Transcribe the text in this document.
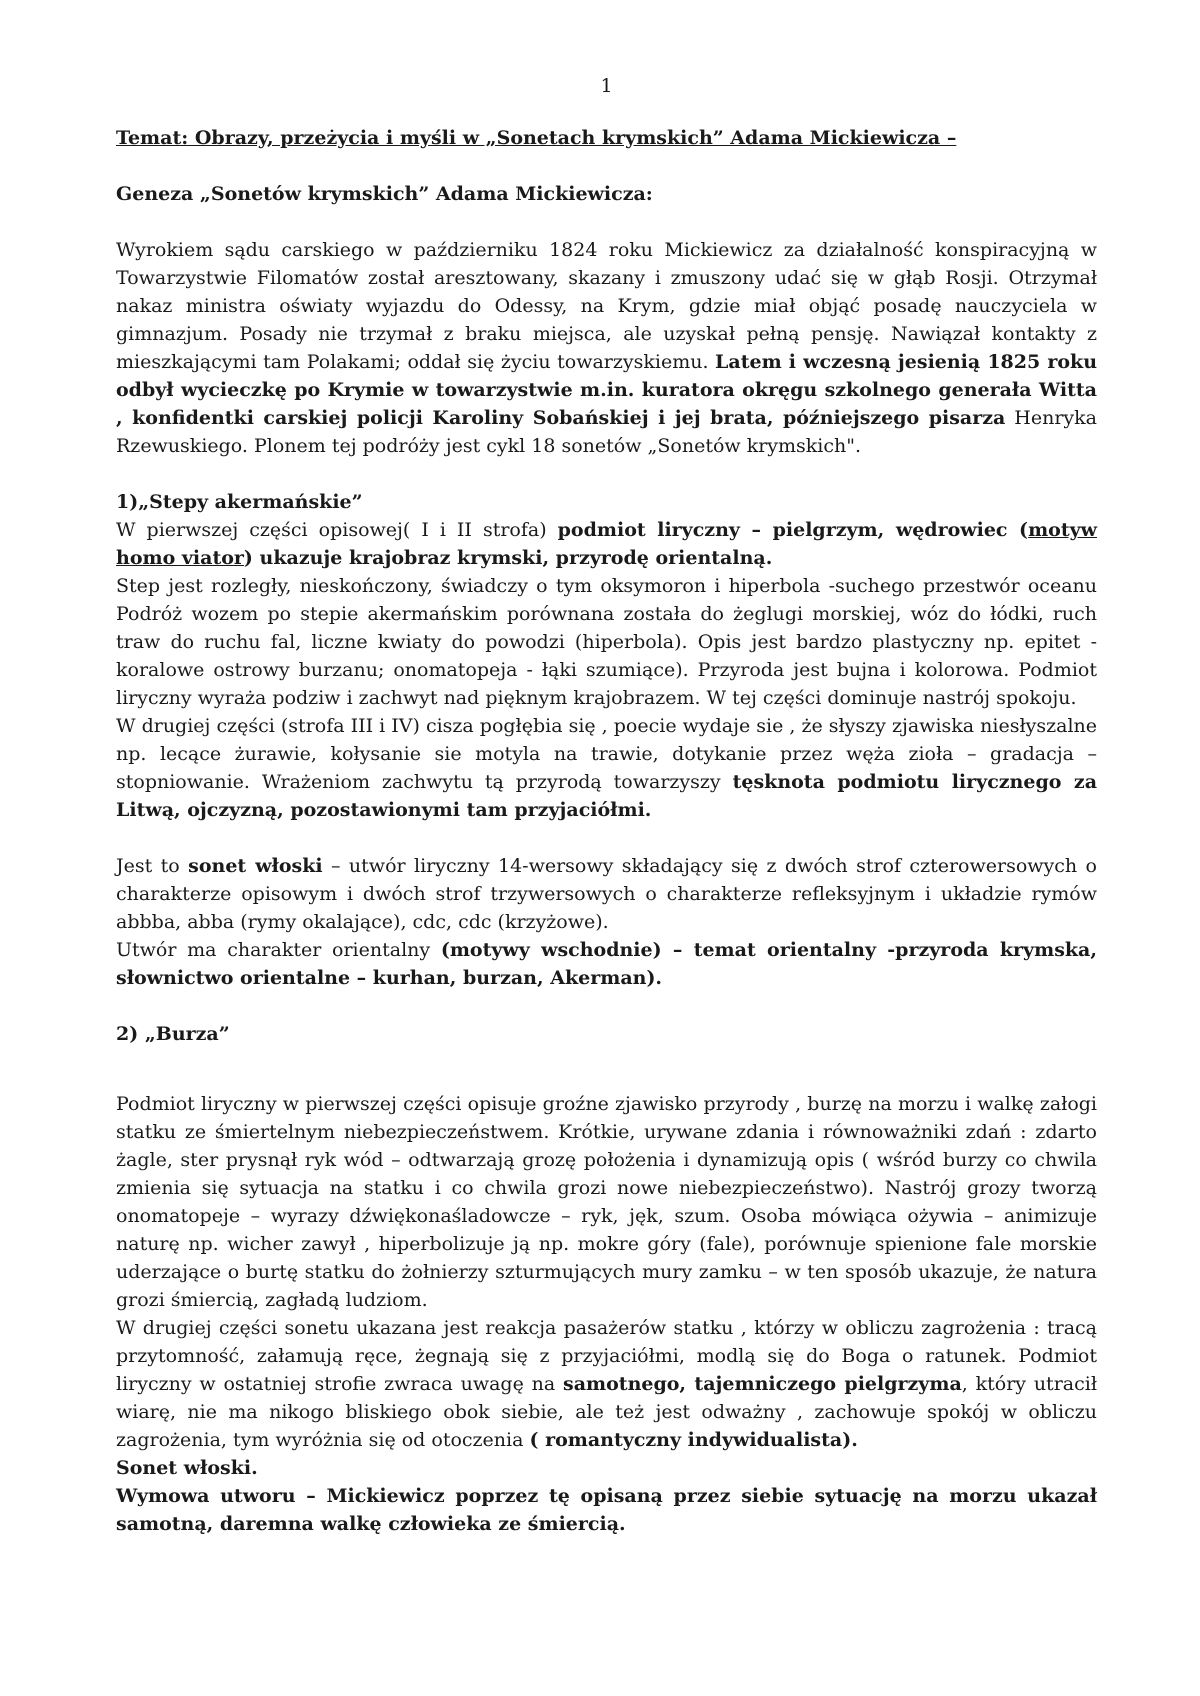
1
Temat: Obrazy, przeżycia i myśli w „Sonetach krymskich” Adama Mickiewicza –
Geneza „Sonetów krymskich” Adama Mickiewicza:

Wyrokiem sądu carskiego w październiku 1824 roku Mickiewicz za działalność konspiracyjną w Towarzystwie Filomatów został aresztowany, skazany i zmuszony udać się w głąb Rosji. Otrzymał nakaz ministra oświaty wyjazdu do Odessy, na Krym, gdzie miał objąć posadę nauczyciela w gimnazjum. Posady nie trzymał z braku miejsca, ale uzyskał pełną pensję. Nawiązał kontakty z mieszkającymi tam Polakami; oddał się życiu towarzyskiemu. Latem i wczesną jesienią 1825 roku odbył wycieczkę po Krymie w towarzystwie m.in. kuratora okręgu szkolnego generała Witta , konfidentki carskiej policji Karoliny Sobańskiej i jej brata, późniejszego pisarza Henryka Rzewuskiego. Plonem tej podróży jest cykl 18 sonetów „Sonetów krymskich".

1)„Stepy akermańskie”

W pierwszej części opisowej( I i II strofa) podmiot liryczny – pielgrzym, wędrowiec (motyw homo viator) ukazuje krajobraz krymski, przyrodę orientalną.

Step jest rozległy, nieskończony, świadczy o tym oksymoron i hiperbola -suchego przestwór oceanu Podróż wozem po stepie akermańskim porównana została do żeglugi morskiej, wóz do łódki, ruch traw do ruchu fal, liczne kwiaty do powodzi (hiperbola). Opis jest bardzo plastyczny np. epitet - koralowe ostrowy burzanu; onomatopeja - łąki szumiące). Przyroda jest bujna i kolorowa. Podmiot liryczny wyraża podziw i zachwyt nad pięknym krajobrazem. W tej części dominuje nastrój spokoju.

W drugiej części (strofa III i IV) cisza pogłębia się , poecie wydaje sie , że słyszy zjawiska niesłyszalne np. lecące żurawie, kołysanie sie motyla na trawie, dotykanie przez węża zioła – gradacja – stopniowanie. Wrażeniom zachwytu tą przyrodą towarzyszy tęsknota podmiotu lirycznego za Litwą, ojczyzną, pozostawionymi tam przyjaciółmi.

Jest to sonet włoski – utwór liryczny 14-wersowy składający się z dwóch strof czterowersowych o charakterze opisowym i dwóch strof trzywersowych o charakterze refleksyjnym i układzie rymów abbba, abba (rymy okalające), cdc, cdc (krzyżowe).

Utwór ma charakter orientalny (motywy wschodnie) – temat orientalny -przyroda krymska, słownictwo orientalne – kurhan, burzan, Akerman).

2) „Burza”

Podmiot liryczny w pierwszej części opisuje groźne zjawisko przyrody , burzę na morzu i walkę załogi statku ze śmiertelnym niebezpieczeństwem. Krótkie, urywane zdania i równoważniki zdań : zdarto żagle, ster prysnął ryk wód – odtwarzają grozę położenia i dynamizują opis ( wśród burzy co chwila zmienia się sytuacja na statku i co chwila grozi nowe niebezpieczeństwo). Nastrój grozy tworzą onomatopeje – wyrazy dźwiękonaśladowcze – ryk, jęk, szum. Osoba mówiąca ożywia – animizuje naturę np. wicher zawył , hiperbolizuje ją np. mokre góry (fale), porównuje spienione fale morskie uderzające o burtę statku do żołnierzy szturmujących mury zamku – w ten sposób ukazuje, że natura grozi śmiercią, zagładą ludziom.

W drugiej części sonetu ukazana jest reakcja pasażerów statku , którzy w obliczu zagrożenia : tracą przytomność, załamują ręce, żegnają się z przyjaciółmi, modlą się do Boga o ratunek. Podmiot liryczny w ostatniej strofie zwraca uwagę na samotnego, tajemniczego pielgrzyma, który utracił wiarę, nie ma nikogo bliskiego obok siebie, ale też jest odważny , zachowuje spokój w obliczu zagrożenia, tym wyróżnia się od otoczenia ( romantyczny indywidualista).

Sonet włoski.

Wymowa utworu – Mickiewicz poprzez tę opisaną przez siebie sytuację na morzu ukazał samotną, daremna walkę człowieka ze śmiercią.
